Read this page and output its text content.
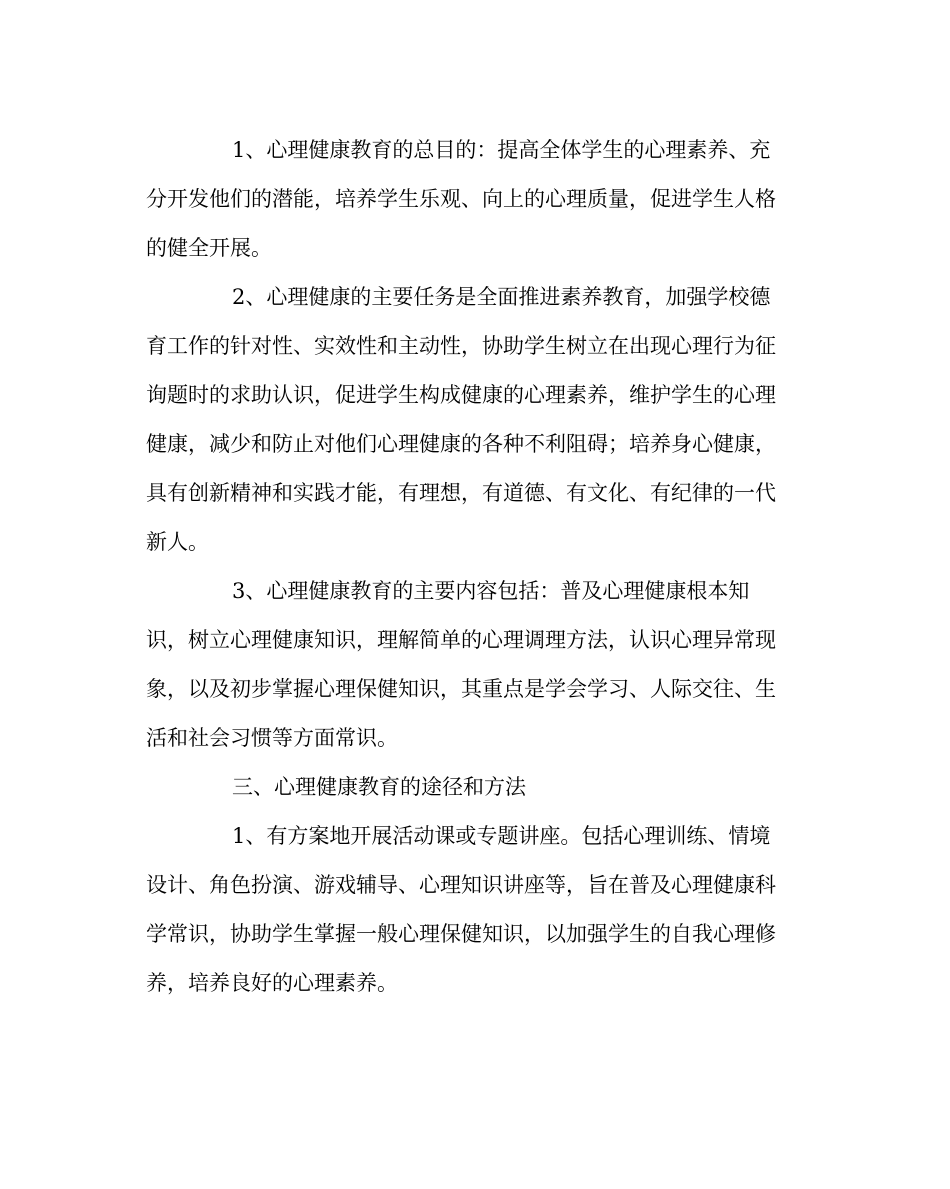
1、心理健康教育的总目的：提高全体学生的心理素养、充
分开发他们的潜能，培养学生乐观、向上的心理质量，促进学生人格
的健全开展。
2、心理健康的主要任务是全面推进素养教育，加强学校德
育工作的针对性、实效性和主动性，协助学生树立在出现心理行为征
询题时的求助认识，促进学生构成健康的心理素养，维护学生的心理
健康，减少和防止对他们心理健康的各种不利阻碍；培养身心健康，
具有创新精神和实践才能，有理想，有道德、有文化、有纪律的一代
新人。
3、心理健康教育的主要内容包括：普及心理健康根本知
识，树立心理健康知识，理解简单的心理调理方法，认识心理异常现
象，以及初步掌握心理保健知识，其重点是学会学习、人际交往、生
活和社会习惯等方面常识。
三、心理健康教育的途径和方法
1、有方案地开展活动课或专题讲座。包括心理训练、情境
设计、角色扮演、游戏辅导、心理知识讲座等，旨在普及心理健康科
学常识，协助学生掌握一般心理保健知识，以加强学生的自我心理修
养，培养良好的心理素养。
